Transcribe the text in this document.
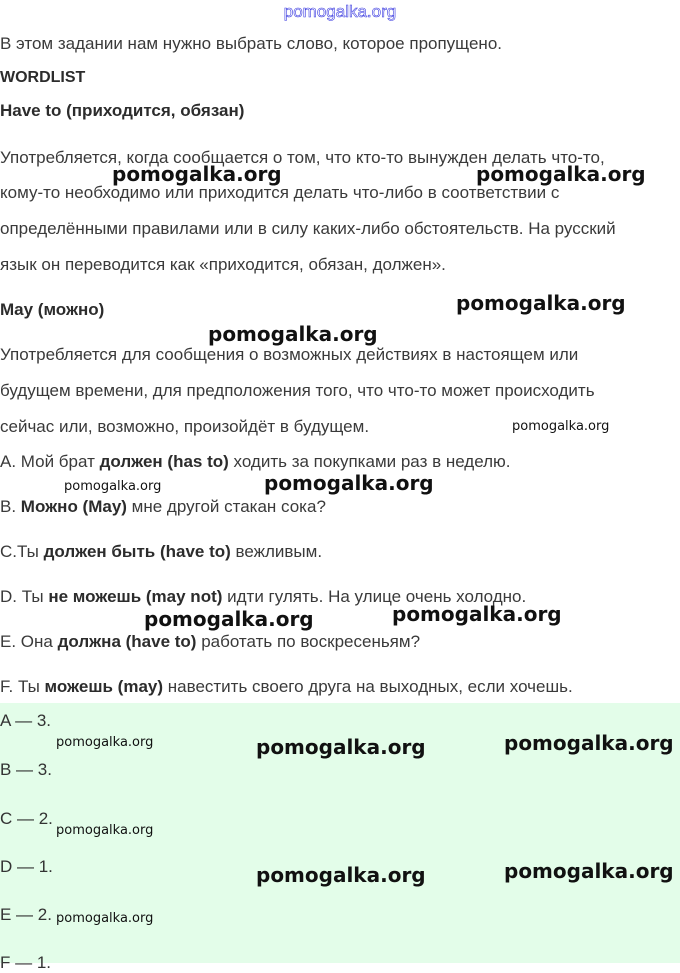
pomogalka.org
В этом задании нам нужно выбрать слово, которое пропущено.
WORDLIST
Have to (приходится, обязан)
Употребляется, когда сообщается о том, что кто-то вынужден делать что-то,
кому-то необходимо или приходится делать что-либо в соответствии с
определёнными правилами или в силу каких-либо обстоятельств. На русский
язык он переводится как «приходится, обязан, должен».
May (можно)
Употребляется для сообщения о возможных действиях в настоящем или
будущем времени, для предположения того, что что-то может происходить
сейчас или, возможно, произойдёт в будущем.
A. Мой брат должен (has to) ходить за покупками раз в неделю.
B. Можно (May) мне другой стакан сока?
C.Ты должен быть (have to) вежливым.
D. Ты не можешь (may not) идти гулять. На улице очень холодно.
E. Она должна (have to) работать по воскресеньям?
F. Ты можешь (may) навестить своего друга на выходных, если хочешь.
A — 3.
B — 3.
C — 2.
D — 1.
E — 2.
F — 1.
pomogalka.org	pomogalka.org
pomogalka.org
pomogalka.org
pomogalka.org
pomogalka.org	pomogalka.org
pomogalka.org	pomogalka.org
pomogalka.org	pomogalka.org	pomogalka.org
pomogalka.org
pomogalka.org	pomogalka.org
pomogalka.org
